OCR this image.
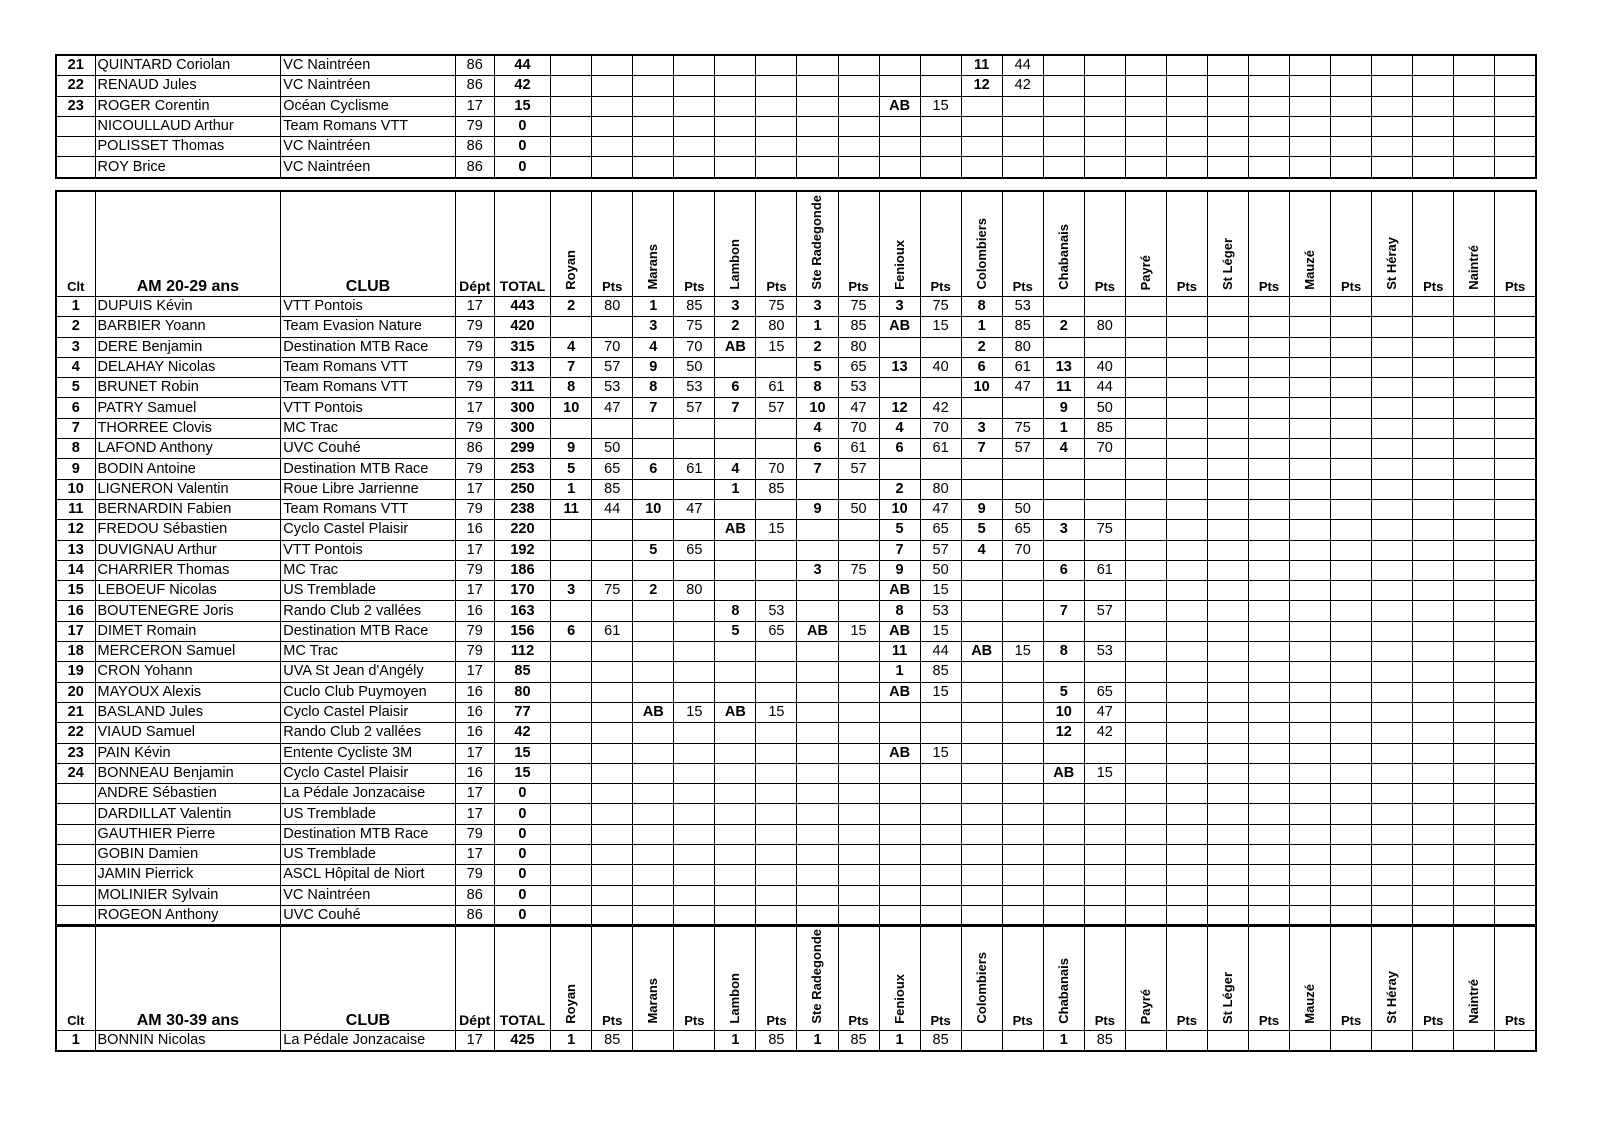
21	QUINTARD Coriolan	VC Naintréen	86	44											11	44												
22	RENAUD Jules	VC Naintréen	86	42											12	42												
23	ROGER Corentin	Océan Cyclisme	17	15									AB	15														
	NICOULLAUD Arthur	Team Romans VTT	79	0																								
	POLISSET Thomas	VC Naintréen	86	0																								
	ROY Brice	VC Naintréen	86	0																								
Clt	AM 20-29 ans	CLUB	Dépt	TOTAL	Royan	Pts	Marans	Pts	Lambon	Pts	Ste Radegonde	Pts	Fenioux	Pts	Colombiers	Pts	Chabanais	Pts	Payré	Pts	St Léger	Pts	Mauzé	Pts	St Héray	Pts	Naintré	Pts
1	DUPUIS Kévin	VTT Pontois	17	443	2	80	1	85	3	75	3	75	3	75	8	53												
2	BARBIER Yoann	Team Evasion Nature	79	420			3	75	2	80	1	85	AB	15	1	85	2	80										
3	DERE Benjamin	Destination MTB Race	79	315	4	70	4	70	AB	15	2	80			2	80												
4	DELAHAY Nicolas	Team Romans VTT	79	313	7	57	9	50			5	65	13	40	6	61	13	40										
5	BRUNET Robin	Team Romans VTT	79	311	8	53	8	53	6	61	8	53			10	47	11	44										
6	PATRY Samuel	VTT Pontois	17	300	10	47	7	57	7	57	10	47	12	42			9	50										
7	THORREE Clovis	MC Trac	79	300							4	70	4	70	3	75	1	85										
8	LAFOND Anthony	UVC Couhé	86	299	9	50					6	61	6	61	7	57	4	70										
9	BODIN Antoine	Destination MTB Race	79	253	5	65	6	61	4	70	7	57																
10	LIGNERON Valentin	Roue Libre Jarrienne	17	250	1	85			1	85			2	80														
11	BERNARDIN Fabien	Team Romans VTT	79	238	11	44	10	47			9	50	10	47	9	50												
12	FREDOU Sébastien	Cyclo Castel Plaisir	16	220					AB	15			5	65	5	65	3	75										
13	DUVIGNAU Arthur	VTT Pontois	17	192			5	65					7	57	4	70												
14	CHARRIER Thomas	MC Trac	79	186							3	75	9	50			6	61										
15	LEBOEUF Nicolas	US Tremblade	17	170	3	75	2	80					AB	15														
16	BOUTENEGRE Joris	Rando Club 2 vallées	16	163					8	53			8	53			7	57										
17	DIMET Romain	Destination MTB Race	79	156	6	61			5	65	AB	15	AB	15														
18	MERCERON Samuel	MC Trac	79	112									11	44	AB	15	8	53										
19	CRON Yohann	UVA St Jean d'Angély	17	85									1	85														
20	MAYOUX Alexis	Cuclo Club Puymoyen	16	80									AB	15			5	65										
21	BASLAND Jules	Cyclo Castel Plaisir	16	77			AB	15	AB	15							10	47										
22	VIAUD Samuel	Rando Club 2 vallées	16	42													12	42										
23	PAIN Kévin	Entente Cycliste 3M	17	15									AB	15														
24	BONNEAU Benjamin	Cyclo Castel Plaisir	16	15													AB	15										
	ANDRE Sébastien	La Pédale Jonzacaise	17	0																								
	DARDILLAT Valentin	US Tremblade	17	0																								
	GAUTHIER Pierre	Destination MTB Race	79	0																								
	GOBIN Damien	US Tremblade	17	0																								
	JAMIN Pierrick	ASCL Hôpital de Niort	79	0																								
	MOLINIER Sylvain	VC Naintréen	86	0																								
	ROGEON Anthony	UVC Couhé	86	0																								
Clt	AM 30-39 ans	CLUB	Dépt	TOTAL	Royan	Pts	Marans	Pts	Lambon	Pts	Ste Radegonde	Pts	Fenioux	Pts	Colombiers	Pts	Chabanais	Pts	Payré	Pts	St Léger	Pts	Mauzé	Pts	St Héray	Pts	Naintré	Pts
1	BONNIN Nicolas	La Pédale Jonzacaise	17	425	1	85			1	85	1	85	1	85			1	85										
